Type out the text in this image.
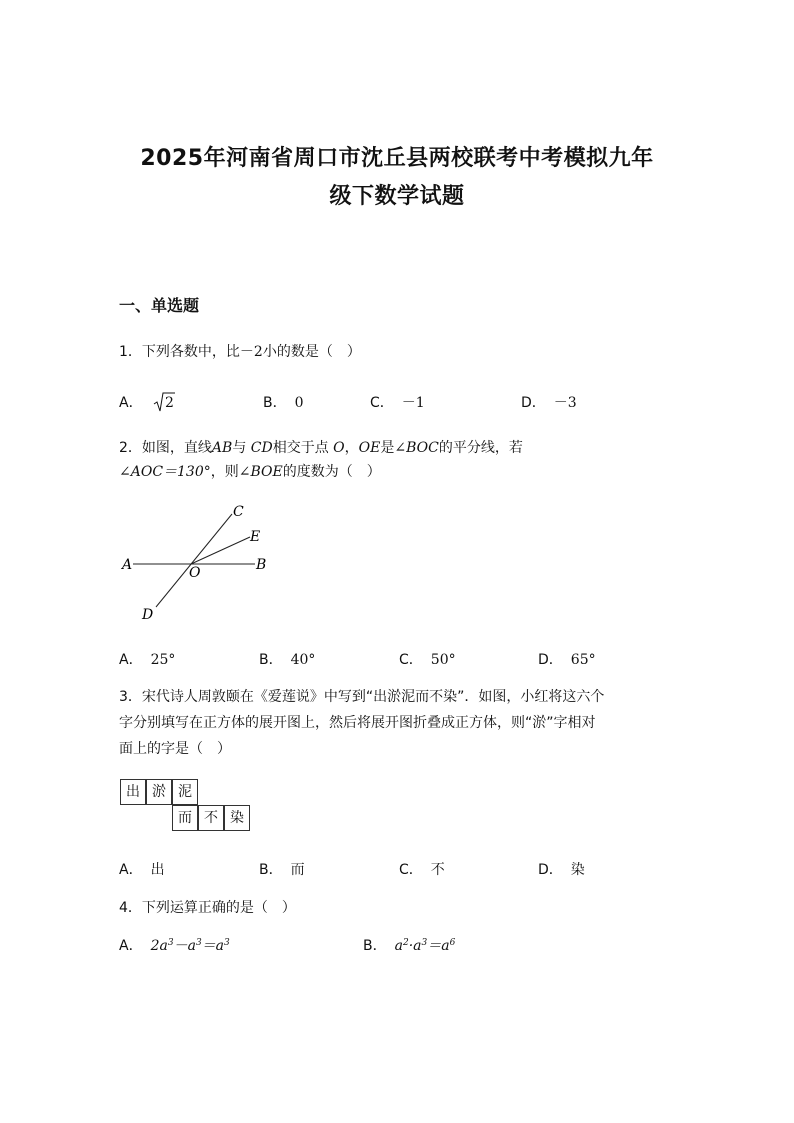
2025年河南省周口市沈丘县两校联考中考模拟九年
级下数学试题
一、单选题
1．下列各数中，比－2小的数是（　）
A． 2	B． 0	C． －1	D． －3
2．如图，直线AB与 CD相交于点 O，OE是∠BOC的平分线，若
∠AOC＝130°，则∠BOE的度数为（　）
A	B
C
D
E
O
A． 25°	B． 40°	C． 50°	D． 65°
3．宋代诗人周敦颐在《爱莲说》中写到“出淤泥而不染”．如图，小红将这六个
字分别填写在正方体的展开图上，然后将展开图折叠成正方体，则“淤”字相对
面上的字是（　）
出 淤 泥
而 不 染
A． 出	B． 而	C． 不	D． 染
4．下列运算正确的是（　）
A． $2a^3-a^3=a^3$	B． $a^2\cdot a^3=a^6$
